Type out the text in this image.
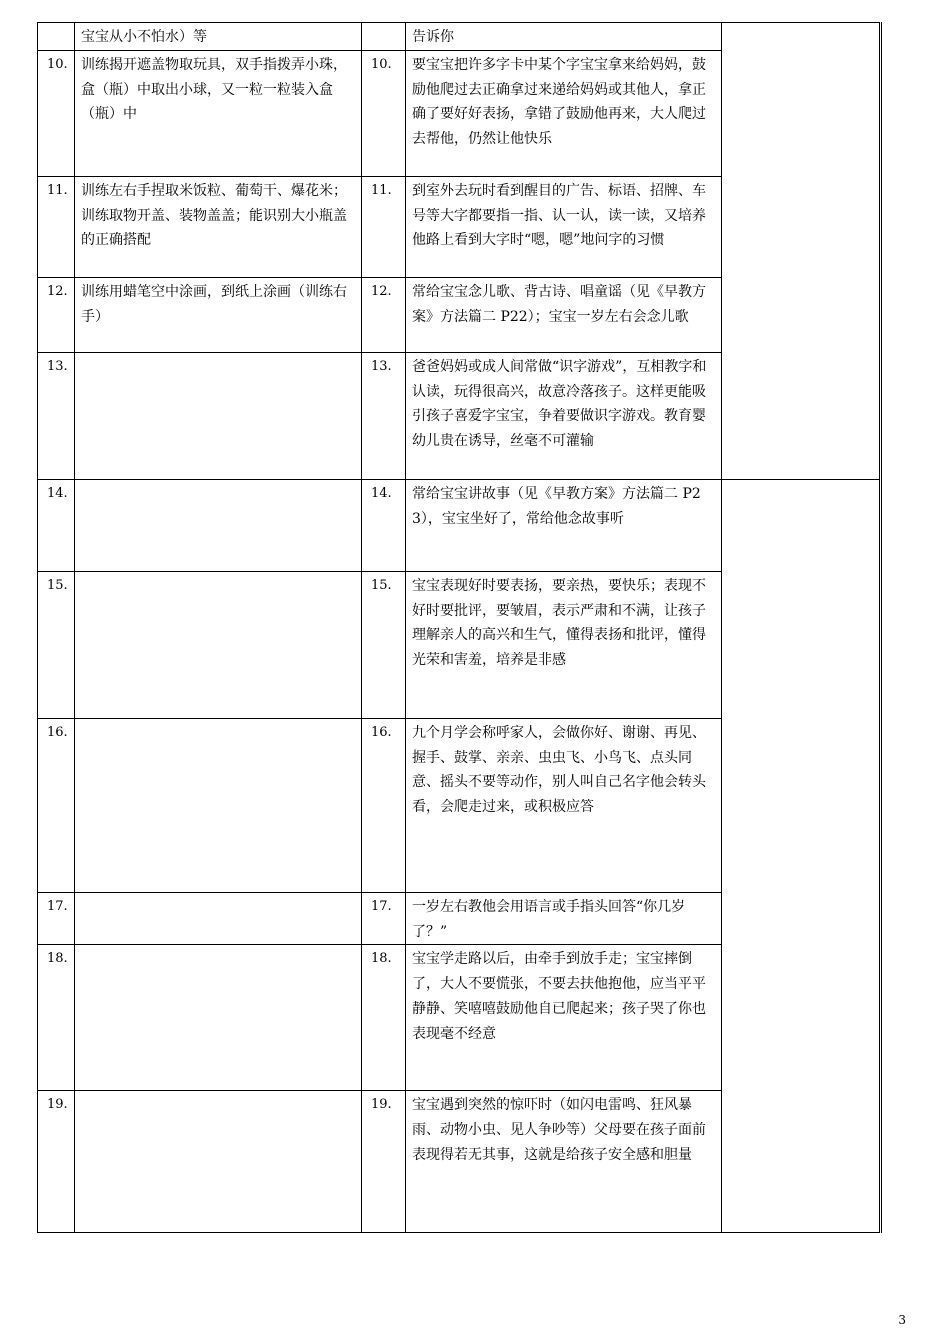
	宝宝从小不怕水）等		告诉你	
10.	训练揭开遮盖物取玩具，双手指拨弄小珠，盒（瓶）中取出小球，又一粒一粒装入盒（瓶）中	10.	要宝宝把许多字卡中某个字宝宝拿来给妈妈，鼓励他爬过去正确拿过来递给妈妈或其他人，拿正确了要好好表扬，拿错了鼓励他再来，大人爬过去帮他，仍然让他快乐	
11.	训练左右手捏取米饭粒、葡萄干、爆花米；训练取物开盖、装物盖盖；能识别大小瓶盖的正确搭配	11.	到室外去玩时看到醒目的广告、标语、招牌、车号等大字都要指一指、认一认，读一读，又培养他路上看到大字时“嗯，嗯”地问字的习惯	
12.	训练用蜡笔空中涂画，到纸上涂画（训练右手）	12.	常给宝宝念儿歌、背古诗、唱童谣（见《早教方案》方法篇二 P22）；宝宝一岁左右会念儿歌	
13.		13.	爸爸妈妈或成人间常做“识字游戏”，互相教字和认读，玩得很高兴，故意冷落孩子。这样更能吸引孩子喜爱字宝宝，争着要做识字游戏。教育婴幼儿贵在诱导，丝毫不可灌输	
14.		14.	常给宝宝讲故事（见《早教方案》方法篇二 P23），宝宝坐好了，常给他念故事听	
15.		15.	宝宝表现好时要表扬，要亲热，要快乐；表现不好时要批评，要皱眉，表示严肃和不满，让孩子理解亲人的高兴和生气，懂得表扬和批评，懂得光荣和害羞，培养是非感	
16.		16.	九个月学会称呼家人，会做你好、谢谢、再见、握手、鼓掌、亲亲、虫虫飞、小鸟飞、点头同意、摇头不要等动作，别人叫自己名字他会转头看，会爬走过来，或积极应答	
17.		17.	一岁左右教他会用语言或手指头回答“你几岁了？”	
18.		18.	宝宝学走路以后，由牵手到放手走；宝宝摔倒了，大人不要慌张，不要去扶他抱他，应当平平静静、笑嘻嘻鼓励他自已爬起来；孩子哭了你也表现毫不经意	
19.		19.	宝宝遇到突然的惊吓时（如闪电雷鸣、狂风暴雨、动物小虫、见人争吵等）父母要在孩子面前表现得若无其事，这就是给孩子安全感和胆量	
3
